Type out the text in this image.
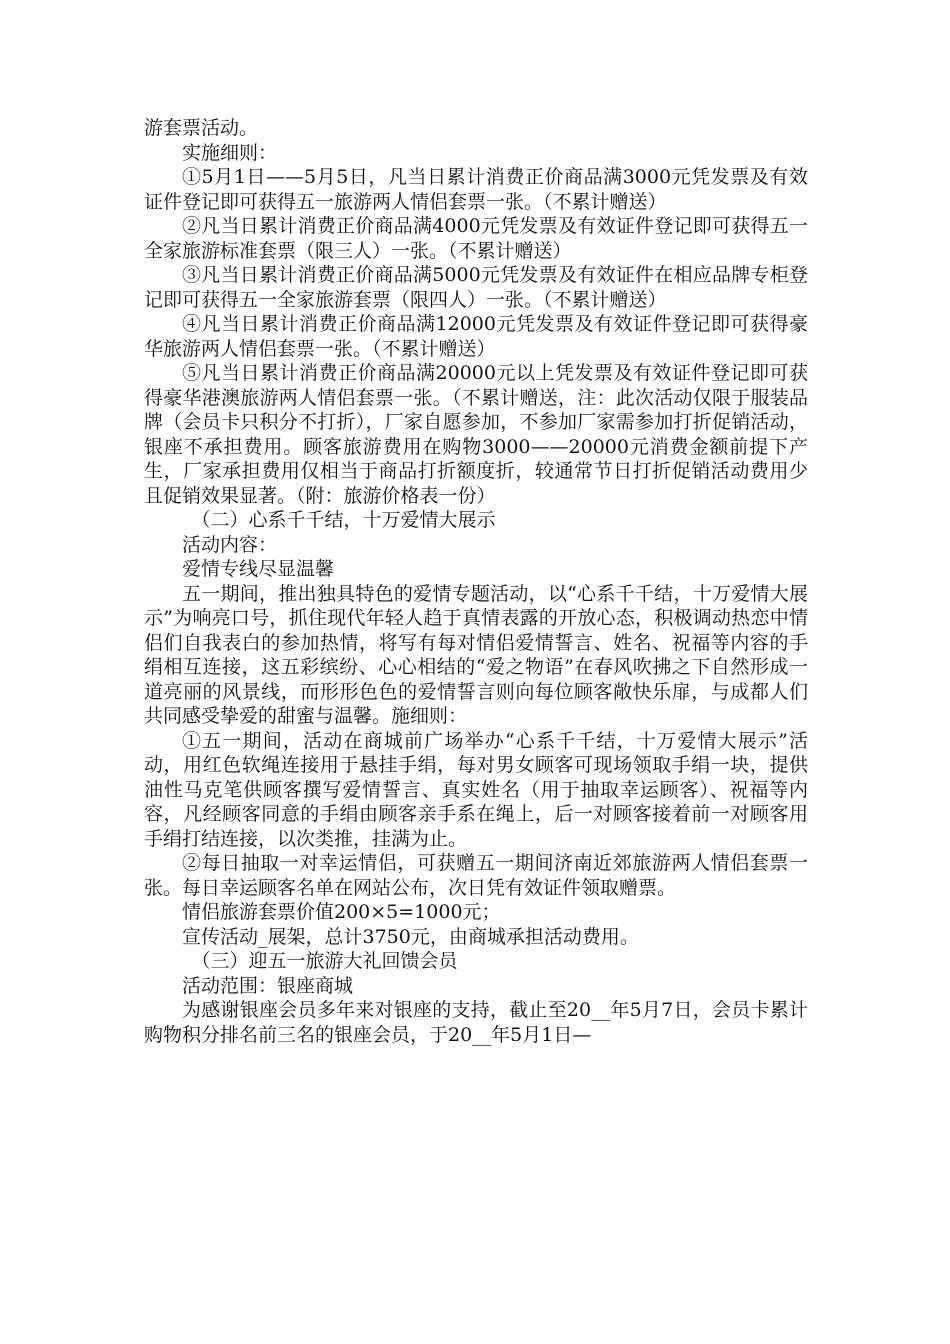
游套票活动。

实施细则：

①5月1日——5月5日，凡当日累计消费正价商品满3000元凭发票及有效证件登记即可获得五一旅游两人情侣套票一张。（不累计赠送）

②凡当日累计消费正价商品满4000元凭发票及有效证件登记即可获得五一全家旅游标准套票（限三人）一张。（不累计赠送）

③凡当日累计消费正价商品满5000元凭发票及有效证件在相应品牌专柜登记即可获得五一全家旅游套票（限四人）一张。（不累计赠送）

④凡当日累计消费正价商品满12000元凭发票及有效证件登记即可获得豪华旅游两人情侣套票一张。（不累计赠送）

⑤凡当日累计消费正价商品满20000元以上凭发票及有效证件登记即可获得豪华港澳旅游两人情侣套票一张。（不累计赠送，注：此次活动仅限于服装品牌（会员卡只积分不打折），厂家自愿参加，不参加厂家需参加打折促销活动，银座不承担费用。顾客旅游费用在购物3000——20000元消费金额前提下产生，厂家承担费用仅相当于商品打折额度折，较通常节日打折促销活动费用少且促销效果显著。（附：旅游价格表一份）

（二）心系千千结，十万爱情大展示

活动内容：

爱情专线尽显温馨

五一期间，推出独具特色的爱情专题活动，以“心系千千结，十万爱情大展示”为响亮口号，抓住现代年轻人趋于真情表露的开放心态，积极调动热恋中情侣们自我表白的参加热情，将写有每对情侣爱情誓言、姓名、祝福等内容的手绢相互连接，这五彩缤纷、心心相结的“爱之物语”在春风吹拂之下自然形成一道亮丽的风景线，而形形色色的爱情誓言则向每位顾客敞快乐扉，与成都人们共同感受挚爱的甜蜜与温馨。施细则：

①五一期间，活动在商城前广场举办“心系千千结，十万爱情大展示”活动，用红色软绳连接用于悬挂手绢，每对男女顾客可现场领取手绢一块，提供油性马克笔供顾客撰写爱情誓言、真实姓名（用于抽取幸运顾客）、祝福等内容，凡经顾客同意的手绢由顾客亲手系在绳上，后一对顾客接着前一对顾客用手绢打结连接，以次类推，挂满为止。

②每日抽取一对幸运情侣，可获赠五一期间济南近郊旅游两人情侣套票一张。每日幸运顾客名单在网站公布，次日凭有效证件领取赠票。

情侣旅游套票价值200×5=1000元；

宣传活动_展架，总计3750元，由商城承担活动费用。

（三）迎五一旅游大礼回馈会员

活动范围：银座商城

为感谢银座会员多年来对银座的支持，截止至20__年5月7日，会员卡累计购物积分排名前三名的银座会员，于20__年5月1日—
